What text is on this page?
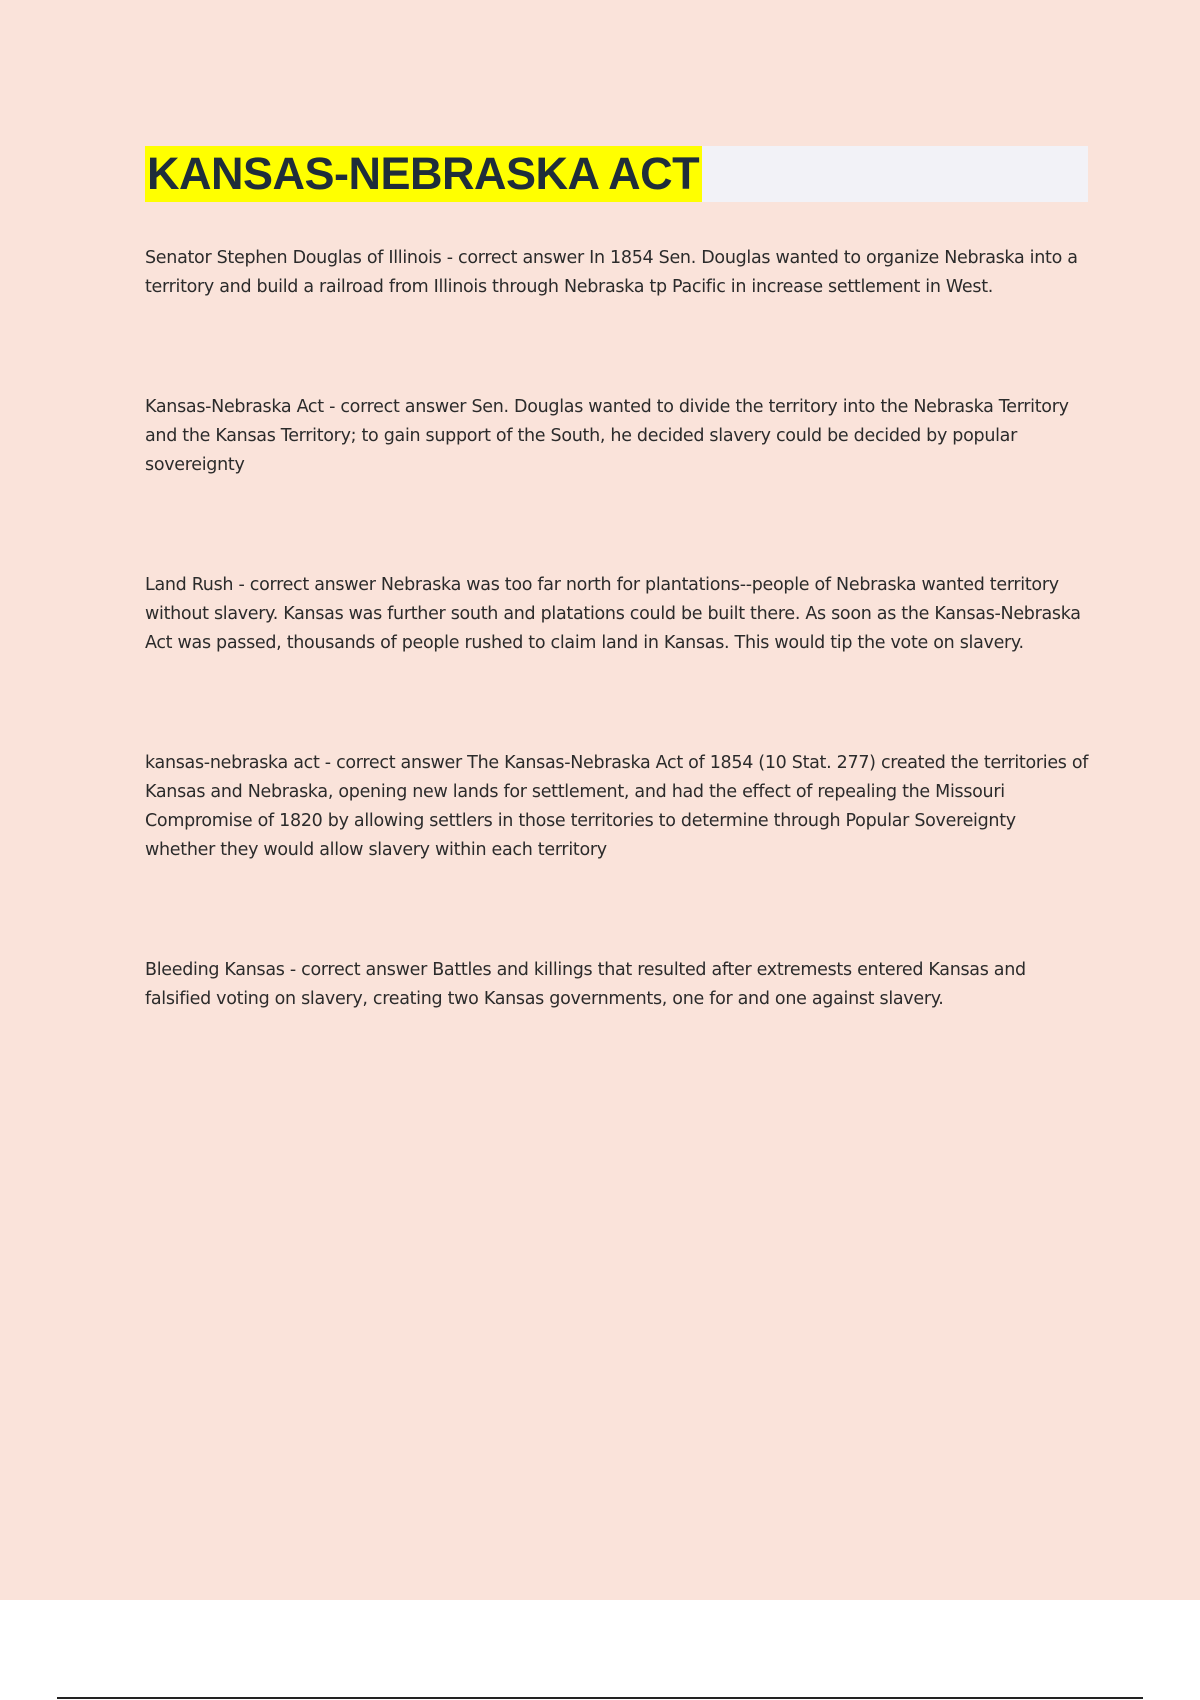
KANSAS-NEBRASKA ACT

Senator Stephen Douglas of Illinois - correct answer In 1854 Sen. Douglas wanted to organize Nebraska into a territory and build a railroad from Illinois through Nebraska tp Pacific in increase settlement in West.

Kansas-Nebraska Act - correct answer Sen. Douglas wanted to divide the territory into the Nebraska Territory and the Kansas Territory; to gain support of the South, he decided slavery could be decided by popular sovereignty

Land Rush - correct answer Nebraska was too far north for plantations--people of Nebraska wanted territory without slavery. Kansas was further south and platations could be built there. As soon as the Kansas-Nebraska Act was passed, thousands of people rushed to claim land in Kansas. This would tip the vote on slavery.

kansas-nebraska act - correct answer The Kansas-Nebraska Act of 1854 (10 Stat. 277) created the territories of Kansas and Nebraska, opening new lands for settlement, and had the effect of repealing the Missouri Compromise of 1820 by allowing settlers in those territories to determine through Popular Sovereignty whether they would allow slavery within each territory

Bleeding Kansas - correct answer Battles and killings that resulted after extremests entered Kansas and falsified voting on slavery, creating two Kansas governments, one for and one against slavery.
